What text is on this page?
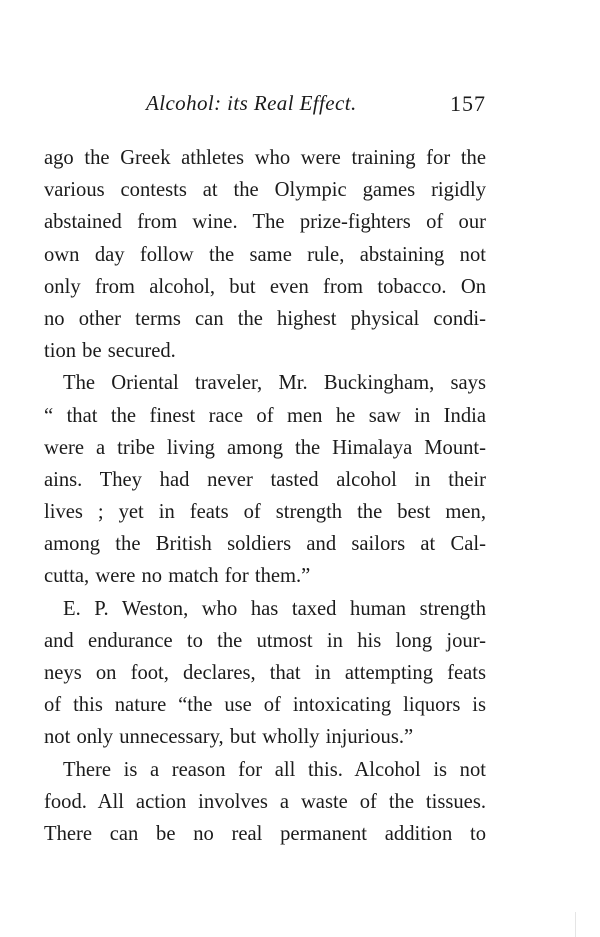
Alcohol: its Real Effect.	157
ago the Greek athletes who were training for the
various contests at the Olympic games rigidly
abstained from wine. The prize-fighters of our
own day follow the same rule, abstaining not
only from alcohol, but even from tobacco. On
no other terms can the highest physical condi-
tion be secured.
The Oriental traveler, Mr. Buckingham, says
“ that the finest race of men he saw in India
were a tribe living among the Himalaya Mount-
ains. They had never tasted alcohol in their
lives ; yet in feats of strength the best men,
among the British soldiers and sailors at Cal-
cutta, were no match for them.”
E. P. Weston, who has taxed human strength
and endurance to the utmost in his long jour-
neys on foot, declares, that in attempting feats
of this nature “the use of intoxicating liquors is
not only unnecessary, but wholly injurious.”
There is a reason for all this. Alcohol is not
food. All action involves a waste of the tissues.
There can be no real permanent addition to
